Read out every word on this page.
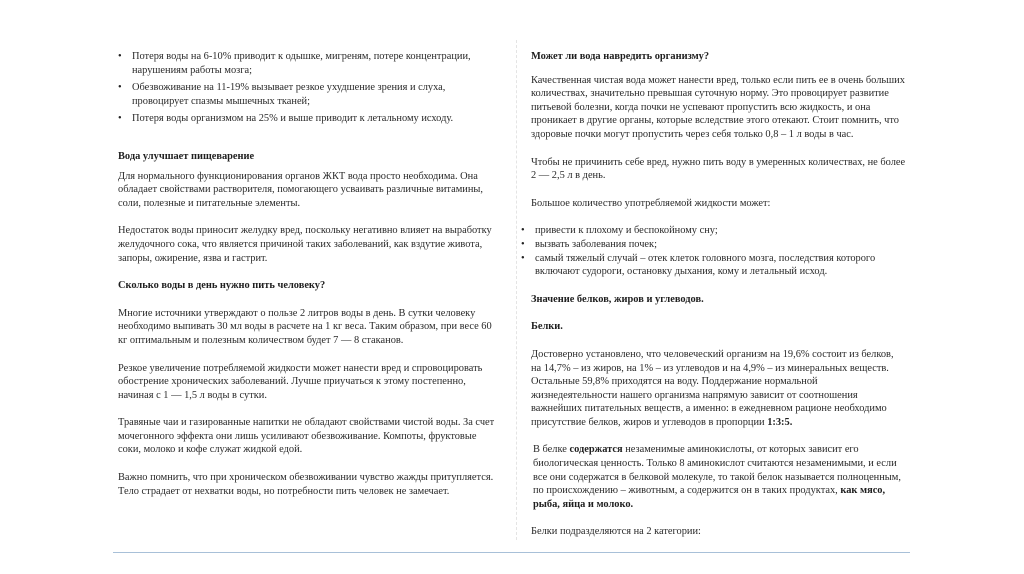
• Потеря воды на 6-10% приводит к одышке, мигреням, потере концентрации, нарушениям работы мозга;
• Обезвоживание на 11-19% вызывает резкое ухудшение зрения и слуха, провоцирует спазмы мышечных тканей;
• Потеря воды организмом на 25% и выше приводит к летальному исходу.
Вода улучшает пищеварение
Для нормального функционирования органов ЖКТ вода просто необходима. Она обладает свойствами растворителя, помогающего усваивать различные витамины, соли, полезные и питательные элементы.
Недостаток воды приносит желудку вред, поскольку негативно влияет на выработку желудочного сока, что является причиной таких заболеваний, как вздутие живота, запоры, ожирение, язва и гастрит.
Сколько воды в день нужно пить человеку?
Многие источники утверждают о пользе 2 литров воды в день. В сутки человеку необходимо выпивать 30 мл воды в расчете на 1 кг веса. Таким образом, при весе 60 кг оптимальным и полезным количеством будет 7 — 8 стаканов.
Резкое увеличение потребляемой жидкости может нанести вред и спровоцировать обострение хронических заболеваний. Лучше приучаться к этому постепенно, начиная с 1 — 1,5 л воды в сутки.
Травяные чаи и газированные напитки не обладают свойствами чистой воды. За счет мочегонного эффекта они лишь усиливают обезвоживание. Компоты, фруктовые соки, молоко и кофе служат жидкой едой.
Важно помнить, что при хроническом обезвоживании чувство жажды притупляется. Тело страдает от нехватки воды, но потребности пить человек не замечает.
Может ли вода навредить организму?
Качественная чистая вода может нанести вред, только если пить ее в очень больших количествах, значительно превышая суточную норму. Это провоцирует развитие питьевой болезни, когда почки не успевают пропустить всю жидкость, и она проникает в другие органы, которые вследствие этого отекают. Стоит помнить, что здоровые почки могут пропустить через себя только 0,8 – 1 л воды в час.
Чтобы не причинить себе вред, нужно пить воду в умеренных количествах, не более 2 — 2,5 л в день.
Большое количество употребляемой жидкости может:
• привести к плохому и беспокойному сну;
• вызвать заболевания почек;
• самый тяжелый случай – отек клеток головного мозга, последствия которого включают судороги, остановку дыхания, кому и летальный исход.
Значение белков, жиров и углеводов.
Белки.
Достоверно установлено, что человеческий организм на 19,6% состоит из белков, на 14,7% – из жиров, на 1% – из углеводов и на 4,9% – из минеральных веществ. Остальные 59,8% приходятся на воду. Поддержание нормальной жизнедеятельности нашего организма напрямую зависит от соотношения важнейших питательных веществ, а именно: в ежедневном рационе необходимо присутствие белков, жиров и углеводов в пропорции 1:3:5.
В белке содержатся незаменимые аминокислоты, от которых зависит его биологическая ценность. Только 8 аминокислот считаются незаменимыми, и если все они содержатся в белковой молекуле, то такой белок называется полноценным, по происхождению – животным, а содержится он в таких продуктах, как мясо, рыба, яйца и молоко.
Белки подразделяются на 2 категории:
